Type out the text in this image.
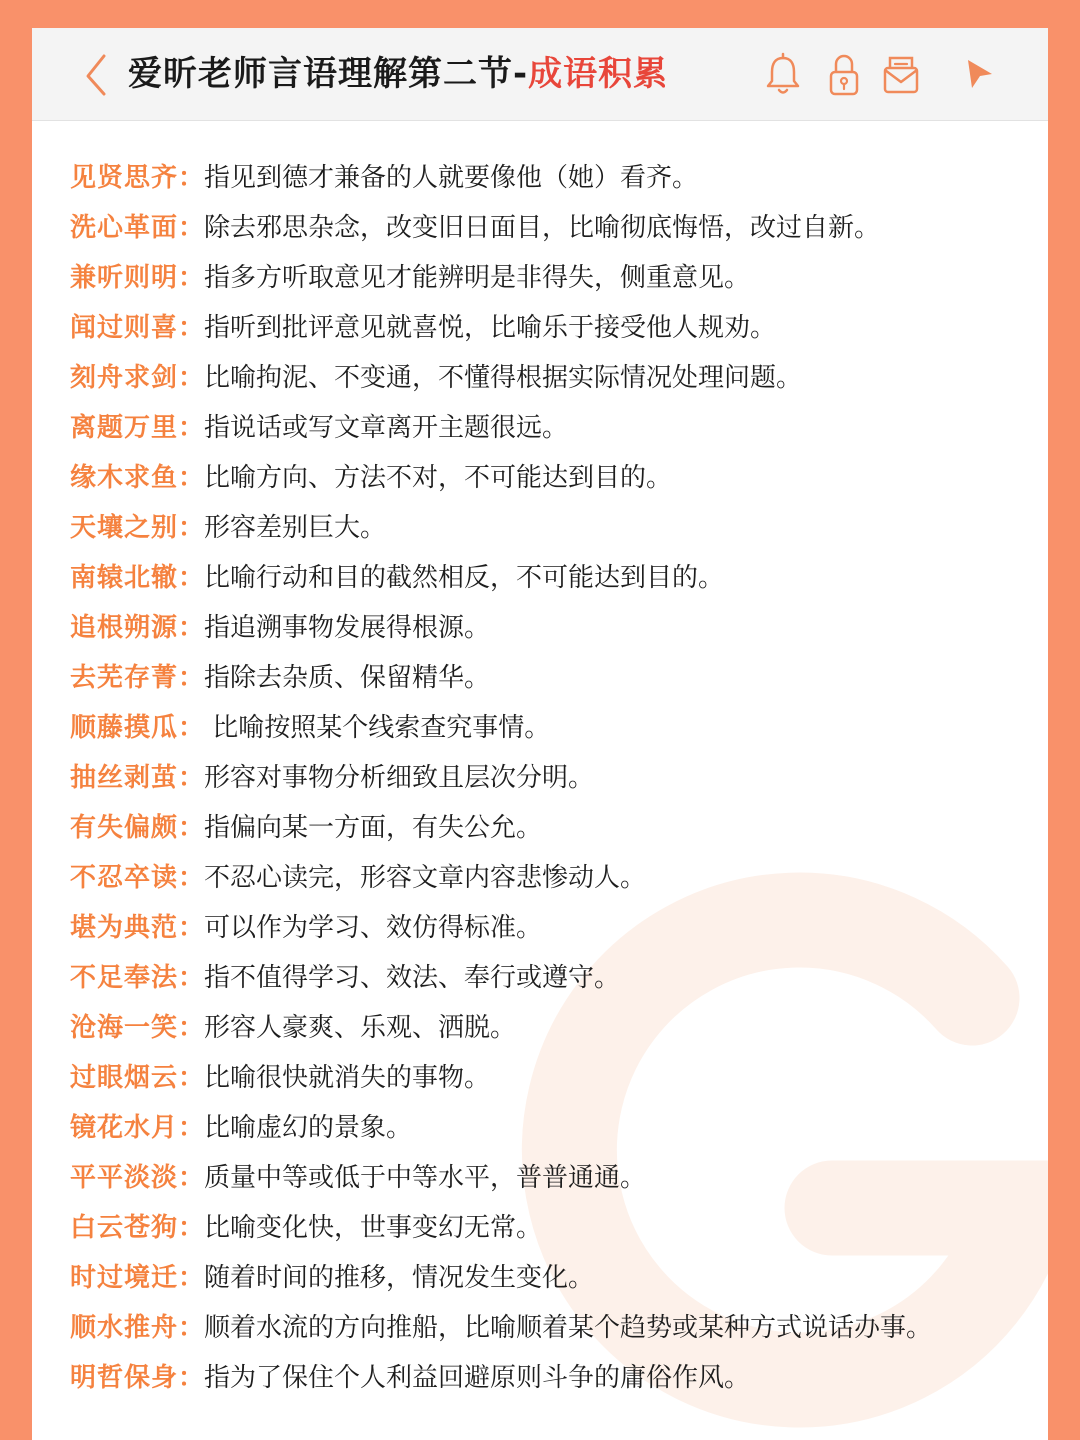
爱昕老师言语理解第二节-成语积累
见贤思齐：指见到德才兼备的人就要像他（她）看齐。
洗心革面：除去邪思杂念，改变旧日面目，比喻彻底悔悟，改过自新。
兼听则明：指多方听取意见才能辨明是非得失，侧重意见。
闻过则喜：指听到批评意见就喜悦，比喻乐于接受他人规劝。
刻舟求剑：比喻拘泥、不变通，不懂得根据实际情况处理问题。
离题万里：指说话或写文章离开主题很远。
缘木求鱼：比喻方向、方法不对，不可能达到目的。
天壤之别：形容差别巨大。
南辕北辙：比喻行动和目的截然相反，不可能达到目的。
追根朔源：指追溯事物发展得根源。
去芜存菁：指除去杂质、保留精华。
顺藤摸瓜： 比喻按照某个线索查究事情。
抽丝剥茧：形容对事物分析细致且层次分明。
有失偏颇：指偏向某一方面，有失公允。
不忍卒读：不忍心读完，形容文章内容悲惨动人。
堪为典范：可以作为学习、效仿得标准。
不足奉法：指不值得学习、效法、奉行或遵守。
沧海一笑：形容人豪爽、乐观、洒脱。
过眼烟云：比喻很快就消失的事物。
镜花水月：比喻虚幻的景象。
平平淡淡：质量中等或低于中等水平，普普通通。
白云苍狗：比喻变化快，世事变幻无常。
时过境迁：随着时间的推移，情况发生变化。
顺水推舟：顺着水流的方向推船，比喻顺着某个趋势或某种方式说话办事。
明哲保身：指为了保住个人利益回避原则斗争的庸俗作风。
